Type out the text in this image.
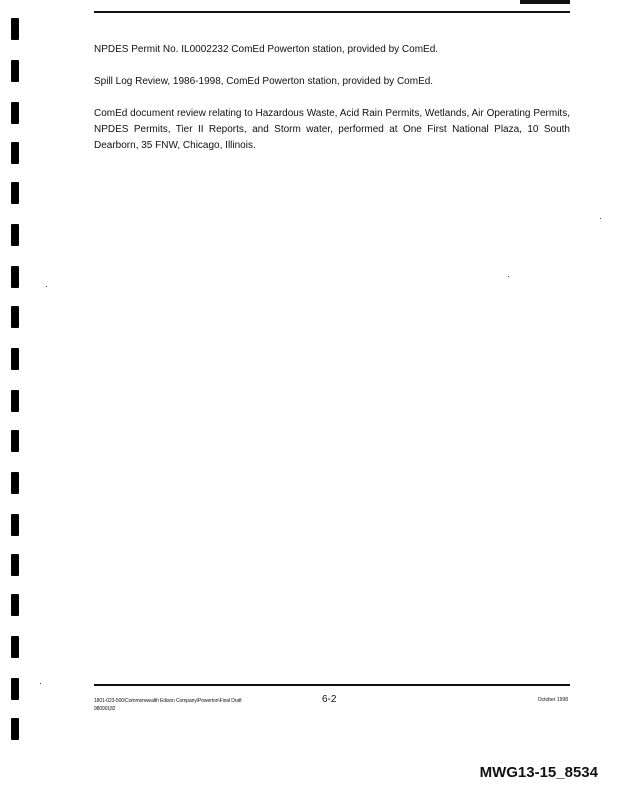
NPDES Permit No. IL0002232 ComEd Powerton station, provided by ComEd.

Spill Log Review, 1986-1998, ComEd Powerton station, provided by ComEd.

ComEd document review relating to Hazardous Waste, Acid Rain Permits, Wetlands, Air Operating Permits, NPDES Permits, Tier II Reports, and Storm water, performed at One First National Plaza, 10 South Dearborn, 35 FNW, Chicago, Illinois.

1801-023-500\Commonwealth Edison Company\Powerton\Final Draft
98090182
6-2	October 1998
MWG13-15_8534
